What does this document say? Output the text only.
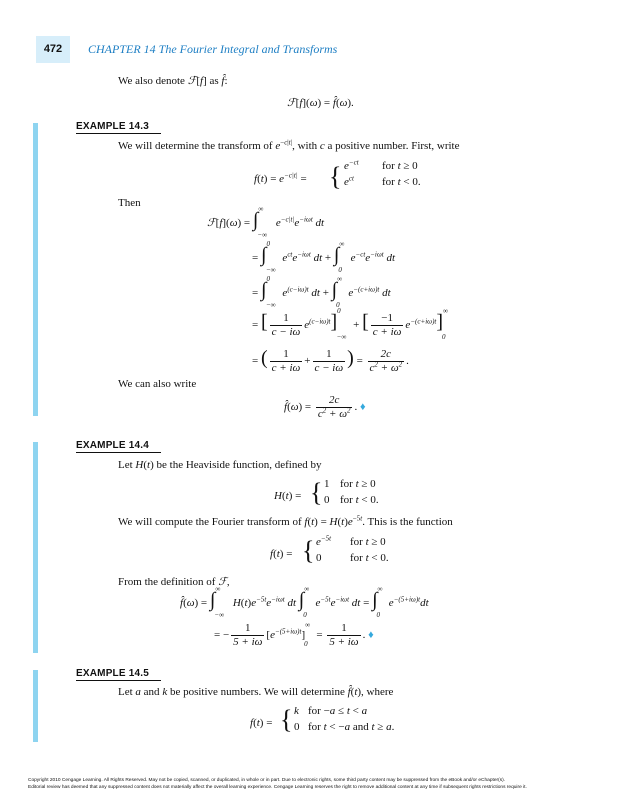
472	CHAPTER 14 The Fourier Integral and Transforms
We also denote ℱ[f] as f̂:
ℱ[f](ω) = f̂(ω).
EXAMPLE 14.3
We will determine the transform of $e^{-c|t|}$, with c a positive number. First, write
$f(t) = e^{-c|t|}$ = { $e^{-ct}$ for t ≥ 0
$e^{ct}$	for t < 0.
Then
ℱ[f](ω) = $\int^\infty_{-\infty}$ $e^{-c|t|}e^{-i\omega t}$ dt
= ∫$^0_{-\infty}$ $e^{ct}e^{-i\omega t}$ dt + $\int^\infty_0$ $e^{-ct}e^{-i\omega t}$ dt
= ∫$^0_{-\infty}$ $e^{(c-i\omega)t}$ dt + $\int^\infty_0$ $e^{-(c+i\omega)t}$ dt
= [ $\frac{1}{c - i\omega} e^{(c-i\omega)t}]^0_{-\infty}$ + [ $\frac{-1}{c + i\omega} e^{-(c+i\omega)t}]^\infty_0$
= ( $\frac{1}{c + i\omega} + \frac{1}{c - i\omega}$ ) = $\frac{2c}{c^2 + \omega^2}$ .
We can also write
f̂(ω) = $\frac{2c}{c^2 + \omega^2}$ . ♦
EXAMPLE 14.4
Let H(t) be the Heaviside function, defined by
H(t) = { 1 for t ≥ 0
0 for t < 0.
We will compute the Fourier transform of $f(t) = H(t)e^{-5t}$. This is the function
f(t) = { $e^{-5t}$ for t ≥ 0
0	for t < 0.
From the definition of ℱ,
f̂(ω) = $\int^\infty_{-\infty}$ $H(t)e^{-5t}e^{-i\omega t}$ dt $\int^\infty_0$ $e^{-5t}e^{-i\omega t}$ dt = $\int^\infty_0$ $e^{-(5+i\omega)t}dt$
= − $\frac{1}{5 + i\omega} [e^{-(5+i\omega)t}]^\infty_0 = \frac{1}{5 + i\omega}$ . ♦
EXAMPLE 14.5
Let a and k be positive numbers. We will determine f̂(t), where
f(t) = { k for −a ≤ t < a
0 for t < −a and t ≥ a.
Copyright 2010 Cengage Learning. All Rights Reserved. May not be copied, scanned, or duplicated, in whole or in part. Due to electronic rights, some third party content may be suppressed from the eBook and/or eChapter(s).
Editorial review has deemed that any suppressed content does not materially affect the overall learning experience. Cengage Learning reserves the right to remove additional content at any time if subsequent rights restrictions require it.
